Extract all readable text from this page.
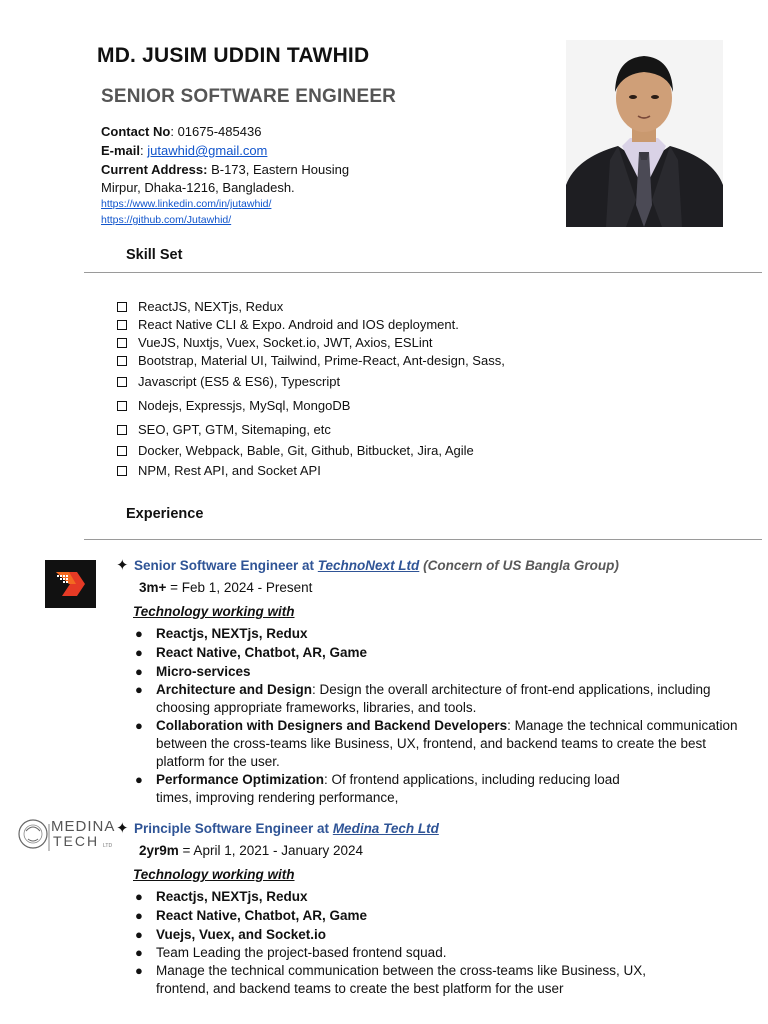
MD. JUSIM UDDIN TAWHID
SENIOR SOFTWARE ENGINEER
Contact No: 01675-485436
E-mail: jutawhid@gmail.com
Current Address: B-173, Eastern Housing
Mirpur, Dhaka-1216, Bangladesh.
https://www.linkedin.com/in/jutawhid/
https://github.com/Jutawhid/
Skill Set
ReactJS, NEXTjs, Redux
React Native CLI & Expo. Android and IOS deployment.
VueJS, Nuxtjs, Vuex, Socket.io, JWT, Axios, ESLint
Bootstrap, Material UI, Tailwind, Prime-React, Ant-design, Sass,
Javascript (ES5 & ES6), Typescript
Nodejs, Expressjs, MySql, MongoDB
SEO, GPT, GTM, Sitemaping, etc
Docker, Webpack, Bable, Git, Github, Bitbucket, Jira, Agile
NPM, Rest API, and Socket API
Experience
✦ Senior Software Engineer at TechnoNext Ltd (Concern of US Bangla Group)
3m+ = Feb 1, 2024 - Present
Technology working with
● Reactjs, NEXTjs, Redux
● React Native, Chatbot, AR, Game
● Micro-services
● Architecture and Design: Design the overall architecture of front-end applications, including choosing appropriate frameworks, libraries, and tools.
● Collaboration with Designers and Backend Developers: Manage the technical communication between the cross-teams like Business, UX, frontend, and backend teams to create the best platform for the user.
● Performance Optimization: Of frontend applications, including reducing load times, improving rendering performance,
MEDINA
TECH LTD
✦ Principle Software Engineer at Medina Tech Ltd
2yr9m = April 1, 2021 - January 2024
Technology working with
● Reactjs, NEXTjs, Redux
● React Native, Chatbot, AR, Game
● Vuejs, Vuex, and Socket.io
● Team Leading the project-based frontend squad.
● Manage the technical communication between the cross-teams like Business, UX, frontend, and backend teams to create the best platform for the user
